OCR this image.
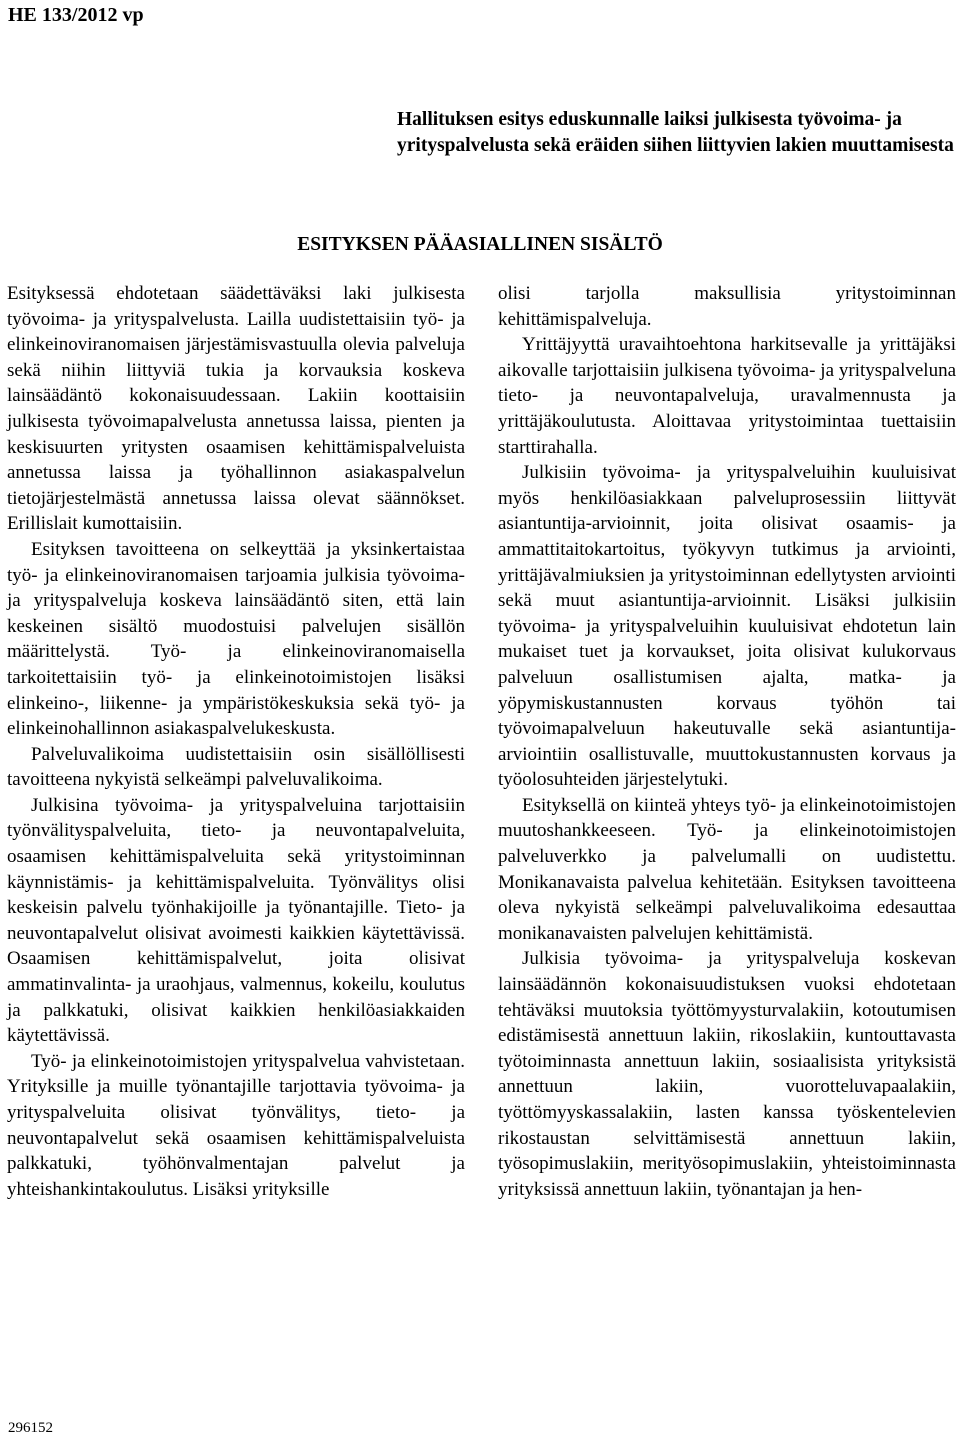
HE 133/2012 vp
Hallituksen esitys eduskunnalle laiksi julkisesta työvoima- ja yrityspalvelusta sekä eräiden siihen liittyvien lakien muuttamisesta
ESITYKSEN PÄÄASIALLINEN SISÄLTÖ

Esityksessä ehdotetaan säädettäväksi laki julkisesta työvoima- ja yrityspalvelusta. Lailla uudistettaisiin työ- ja elinkeinoviranomaisen järjestämisvastuulla olevia palveluja sekä niihin liittyviä tukia ja korvauksia koskeva lainsäädäntö kokonaisuudessaan. Lakiin koottaisiin julkisesta työvoimapalvelusta annetussa laissa, pienten ja keskisuurten yritysten osaamisen kehittämispalveluista annetussa laissa ja työhallinnon asiakaspalvelun tietojärjestelmästä annetussa laissa olevat säännökset. Erillislait kumottaisiin.

Esityksen tavoitteena on selkeyttää ja yksinkertaistaa työ- ja elinkeinoviranomaisen tarjoamia julkisia työvoima- ja yrityspalveluja koskeva lainsäädäntö siten, että lain keskeinen sisältö muodostuisi palvelujen sisällön määrittelystä. Työ- ja elinkeinoviranomaisella tarkoitettaisiin työ- ja elinkeinotoimistojen lisäksi elinkeino-, liikenne- ja ympäristökeskuksia sekä työ- ja elinkeinohallinnon asiakaspalvelukeskusta.

Palveluvalikoima uudistettaisiin osin sisällöllisesti tavoitteena nykyistä selkeämpi palveluvalikoima.

Julkisina työvoima- ja yrityspalveluina tarjottaisiin työnvälityspalveluita, tieto- ja neuvontapalveluita, osaamisen kehittämispalveluita sekä yritystoiminnan käynnistämis- ja kehittämispalveluita. Työnvälitys olisi keskeisin palvelu työnhakijoille ja työnantajille. Tieto- ja neuvontapalvelut olisivat avoimesti kaikkien käytettävissä. Osaamisen kehittämispalvelut, joita olisivat ammatinvalinta- ja uraohjaus, valmennus, kokeilu, koulutus ja palkkatuki, olisivat kaikkien henkilöasiakkaiden käytettävissä.

Työ- ja elinkeinotoimistojen yrityspalvelua vahvistetaan. Yrityksille ja muille työnantajille tarjottavia työvoima- ja yrityspalveluita olisivat työnvälitys, tieto- ja neuvontapalvelut sekä osaamisen kehittämispalveluista palkkatuki, työhönvalmentajan palvelut ja yhteishankintakoulutus. Lisäksi yrityksille

olisi tarjolla maksullisia yritystoiminnan kehittämispalveluja.

Yrittäjyyttä uravaihtoehtona harkitsevalle ja yrittäjäksi aikovalle tarjottaisiin julkisena työvoima- ja yrityspalveluna tieto- ja neuvontapalveluja, uravalmennusta ja yrittäjäkoulutusta. Aloittavaa yritystoimintaa tuettaisiin starttirahalla.

Julkisiin työvoima- ja yrityspalveluihin kuuluisivat myös henkilöasiakkaan palveluprosessiin liittyvät asiantuntija-arvioinnit, joita olisivat osaamis- ja ammattitaitokartoitus, työkyvyn tutkimus ja arviointi, yrittäjävalmiuksien ja yritystoiminnan edellytysten arviointi sekä muut asiantuntija-arvioinnit. Lisäksi julkisiin työvoima- ja yrityspalveluihin kuuluisivat ehdotetun lain mukaiset tuet ja korvaukset, joita olisivat kulukorvaus palveluun osallistumisen ajalta, matka- ja yöpymiskustannusten korvaus työhön tai työvoimapalveluun hakeutuvalle sekä asiantuntija-arviointiin osallistuvalle, muuttokustannusten korvaus ja työolosuhteiden järjestelytuki.

Esityksellä on kiinteä yhteys työ- ja elinkeinotoimistojen muutoshankkeeseen. Työ- ja elinkeinotoimistojen palveluverkko ja palvelumalli on uudistettu. Monikanavaista palvelua kehitetään. Esityksen tavoitteena oleva nykyistä selkeämpi palveluvalikoima edesauttaa monikanavaisten palvelujen kehittämistä.

Julkisia työvoima- ja yrityspalveluja koskevan lainsäädännön kokonaisuudistuksen vuoksi ehdotetaan tehtäväksi muutoksia työttömyysturvalakiin, kotoutumisen edistämisestä annettuun lakiin, rikoslakiin, kuntouttavasta työtoiminnasta annettuun lakiin, sosiaalisista yrityksistä annettuun lakiin, vuorotteluvapaalakiin, työttömyyskassalakiin, lasten kanssa työskentelevien rikostaustan selvittämisestä annettuun lakiin, työsopimuslakiin, merityösopimuslakiin, yhteistoiminnasta yrityksissä annettuun lakiin, työnantajan ja hen-

296152
